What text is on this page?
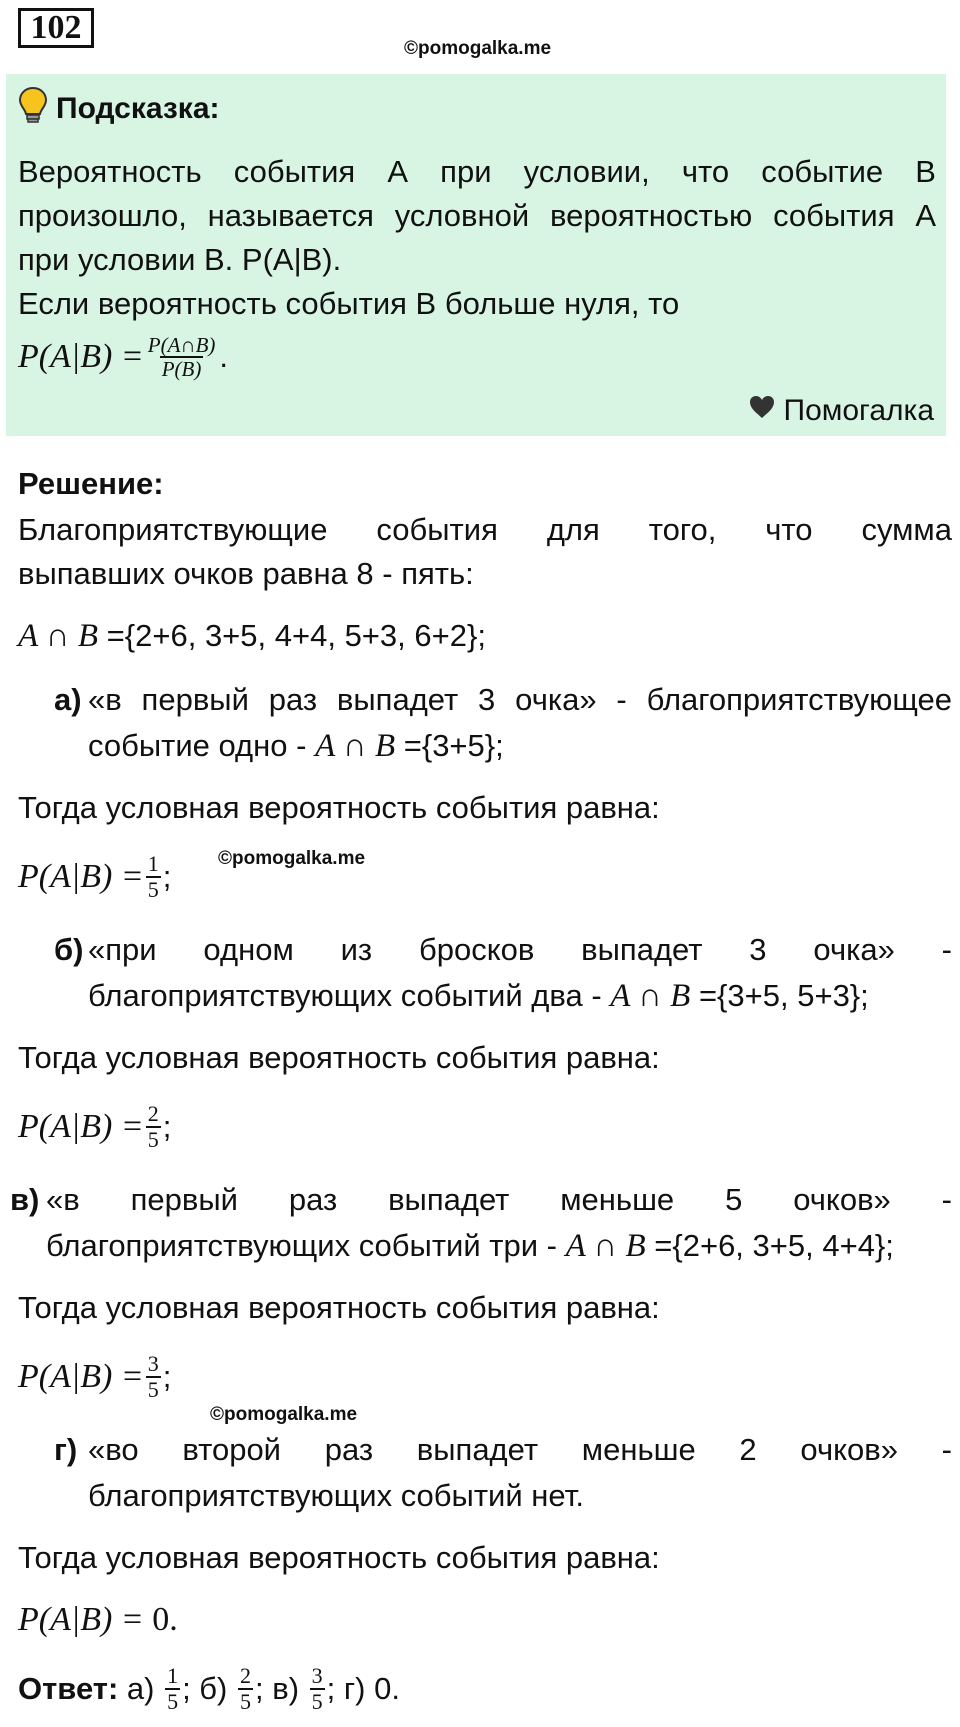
102
©pomogalka.me
Подсказка:
Вероятность события А при условии, что событие В
произошло, называется условной вероятностью события А
при условии В. P(A|B).
Если вероятность события В больше нуля, то
$P(A|B) = \frac{P(A\cap B)}{P(B)}$ .
Помогалка
Решение:
Благоприятствующие события для того, что сумма
выпавших очков равна 8 - пять:
A ∩ B ={2+6, 3+5, 4+4, 5+3, 6+2};
а) «в первый раз выпадет 3 очка» - благоприятствующее
событие одно - A ∩ B ={3+5};
Тогда условная вероятность события равна:
$P(A|B) = \frac{1}{5}$ ;
©pomogalka.me
б) «при одном из бросков выпадет 3 очка» -
благоприятствующих событий два - A ∩ B ={3+5, 5+3};
Тогда условная вероятность события равна:
$P(A|B) = \frac{2}{5}$ ;
в) «в первый раз выпадет меньше 5 очков» -
благоприятствующих событий три - A ∩ B ={2+6, 3+5, 4+4};
Тогда условная вероятность события равна:
$P(A|B) = \frac{3}{5}$ ;
©pomogalka.me
г) «во второй раз выпадет меньше 2 очков» -
благоприятствующих событий нет.
Тогда условная вероятность события равна:
P(A|B) = 0.
Ответ: $а) \frac{1}{5}$ ; $б) \frac{2}{5}$ ; $в) \frac{3}{5}$ ; г) 0.
